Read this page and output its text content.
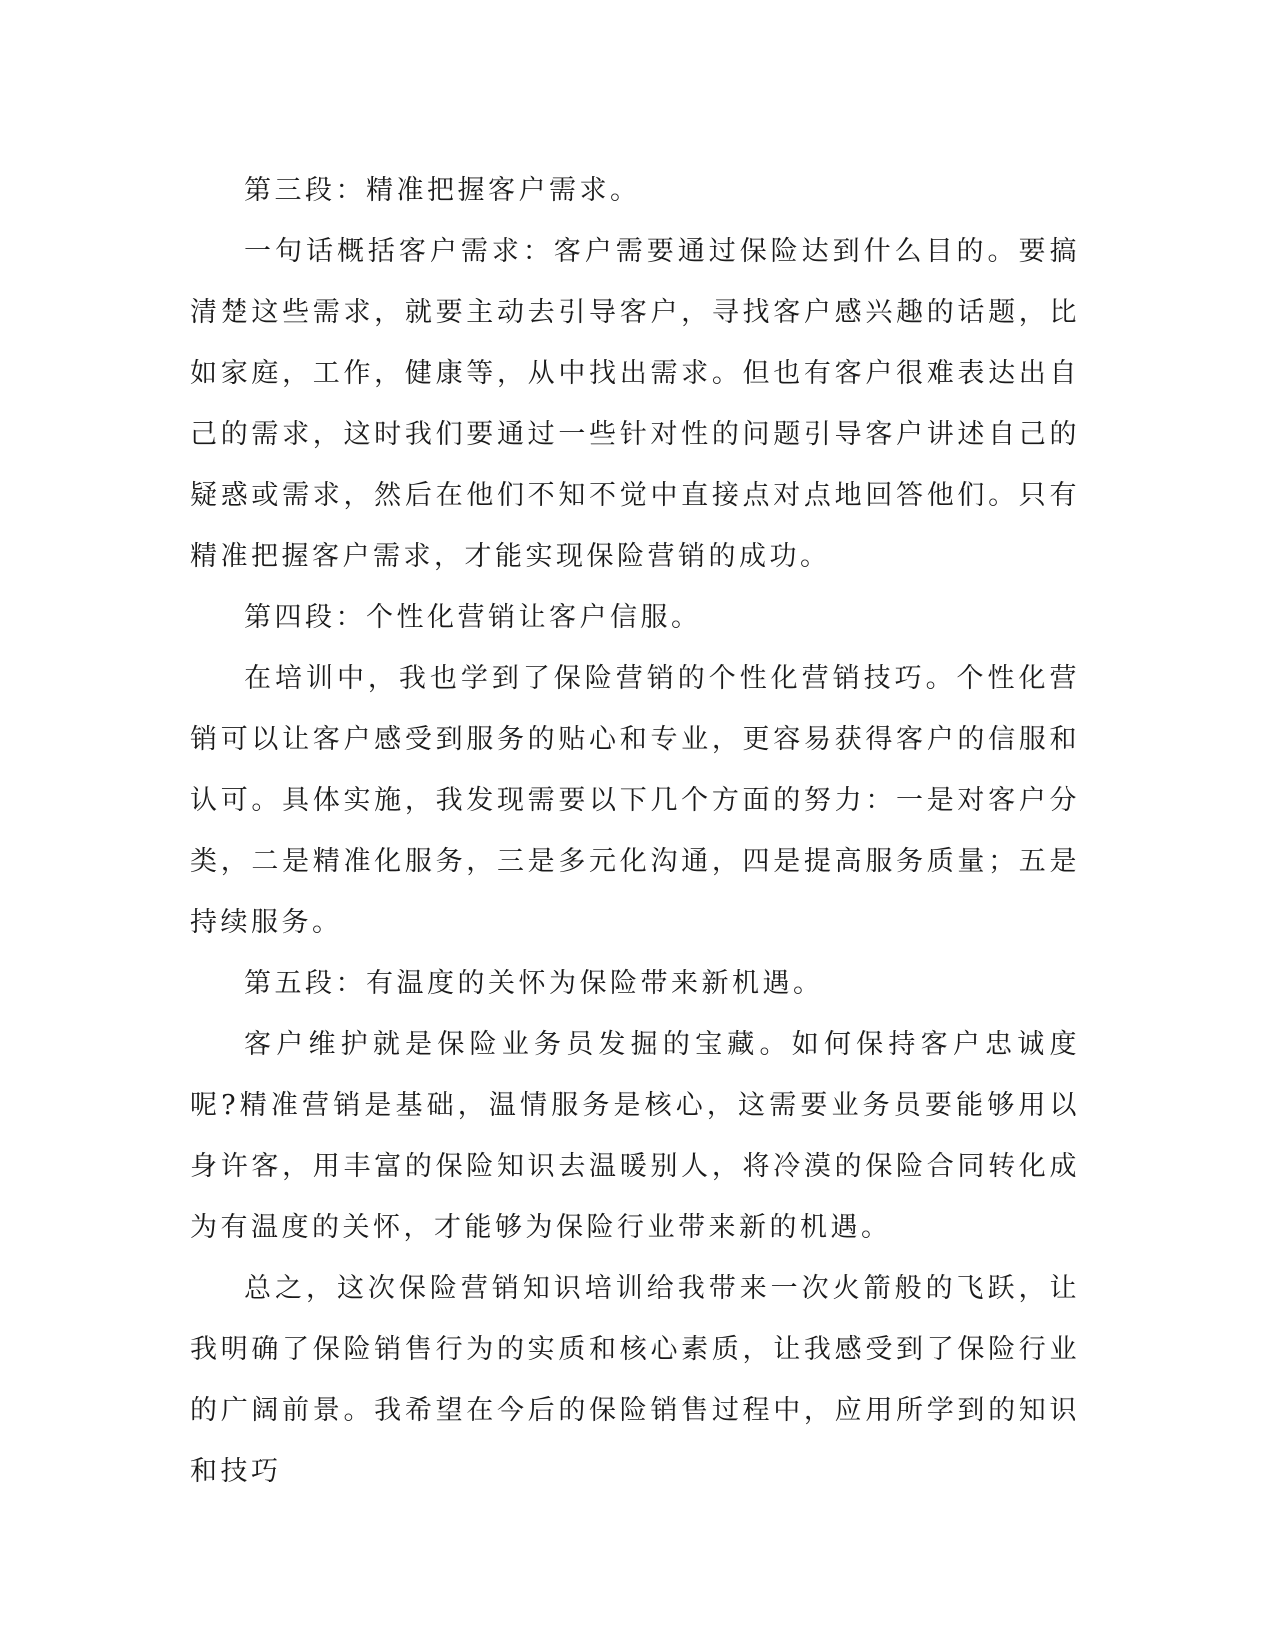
第三段：精准把握客户需求。

一句话概括客户需求：客户需要通过保险达到什么目的。要搞清楚这些需求，就要主动去引导客户，寻找客户感兴趣的话题，比如家庭，工作，健康等，从中找出需求。但也有客户很难表达出自己的需求，这时我们要通过一些针对性的问题引导客户讲述自己的疑惑或需求，然后在他们不知不觉中直接点对点地回答他们。只有精准把握客户需求，才能实现保险营销的成功。

第四段：个性化营销让客户信服。

在培训中，我也学到了保险营销的个性化营销技巧。个性化营销可以让客户感受到服务的贴心和专业，更容易获得客户的信服和认可。具体实施，我发现需要以下几个方面的努力：一是对客户分类，二是精准化服务，三是多元化沟通，四是提高服务质量；五是持续服务。

第五段：有温度的关怀为保险带来新机遇。

客户维护就是保险业务员发掘的宝藏。如何保持客户忠诚度呢?精准营销是基础，温情服务是核心，这需要业务员要能够用以身许客，用丰富的保险知识去温暖别人，将冷漠的保险合同转化成为有温度的关怀，才能够为保险行业带来新的机遇。

总之，这次保险营销知识培训给我带来一次火箭般的飞跃，让我明确了保险销售行为的实质和核心素质，让我感受到了保险行业的广阔前景。我希望在今后的保险销售过程中，应用所学到的知识和技巧
